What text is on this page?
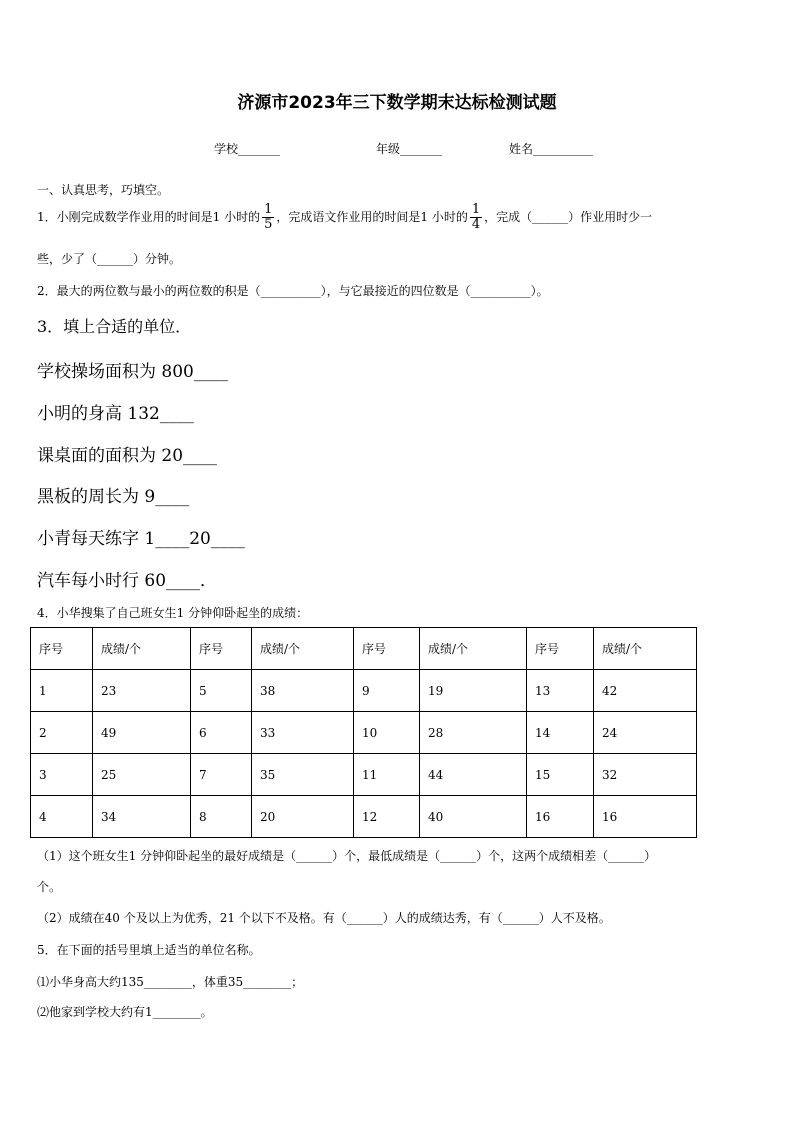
济源市2023年三下数学期末达标检测试题
学校_______	年级_______	姓名__________
一、认真思考，巧填空。
1．小刚完成数学作业用的时间是1 小时的 $\frac{1}{5}$ ，完成语文作业用的时间是1 小时的 $\frac{1}{4}$ ，完成（______）作业用时少一
些，少了（______）分钟。
2．最大的两位数与最小的两位数的积是（__________），与它最接近的四位数是（__________）。
3．填上合适的单位．
学校操场面积为 800____
小明的身高 132____
课桌面的面积为 20____
黑板的周长为 9____
小青每天练字 1____20____
汽车每小时行 60____．
4．小华搜集了自己班女生1 分钟仰卧起坐的成绩：
序号	成绩/个	序号	成绩/个	序号	成绩/个	序号	成绩/个
1	23	5	38	9	19	13	42
2	49	6	33	10	28	14	24
3	25	7	35	11	44	15	32
4	34	8	20	12	40	16	16
（1）这个班女生1 分钟仰卧起坐的最好成绩是（______）个，最低成绩是（______）个，这两个成绩相差（______）
个。
（2）成绩在40 个及以上为优秀，21 个以下不及格。有（______）人的成绩达秀，有（______）人不及格。
5．在下面的括号里填上适当的单位名称。
⑴小华身高大约135________，体重35________；
⑵他家到学校大约有1________。
